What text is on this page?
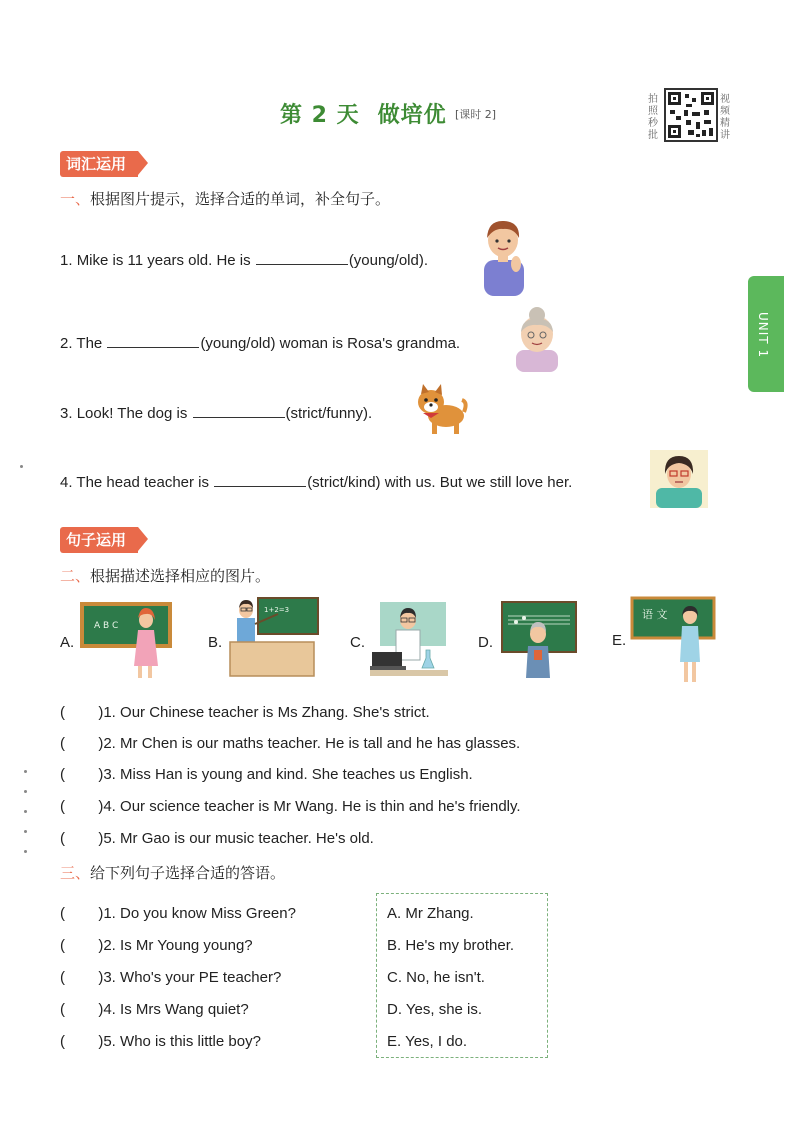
第 2 天 做培优 [课时 2]
拍照秒批
视频精讲
UNIT 1
词汇运用
一、根据图片提示，选择合适的单词，补全句子。
1. Mike is 11 years old. He is	(young/old).
2. The	(young/old) woman is Rosa's grandma.
3. Look! The dog is	(strict/funny).
4. The head teacher is	(strict/kind) with us. But we still love her.
句子运用
二、根据描述选择相应的图片。
A.
A B C
B.
1+2=3
C.	D.	E.
语 文
(        )1. Our Chinese teacher is Ms Zhang. She's strict.
(        )2. Mr Chen is our maths teacher. He is tall and he has glasses.
(        )3. Miss Han is young and kind. She teaches us English.
(        )4. Our science teacher is Mr Wang. He is thin and he's friendly.
(        )5. Mr Gao is our music teacher. He's old.
三、给下列句子选择合适的答语。
(        )1. Do you know Miss Green?
(        )2. Is Mr Young young?
(        )3. Who's your PE teacher?
(        )4. Is Mrs Wang quiet?
(        )5. Who is this little boy?
A. Mr Zhang.
B. He's my brother.
C. No, he isn't.
D. Yes, she is.
E. Yes, I do.
